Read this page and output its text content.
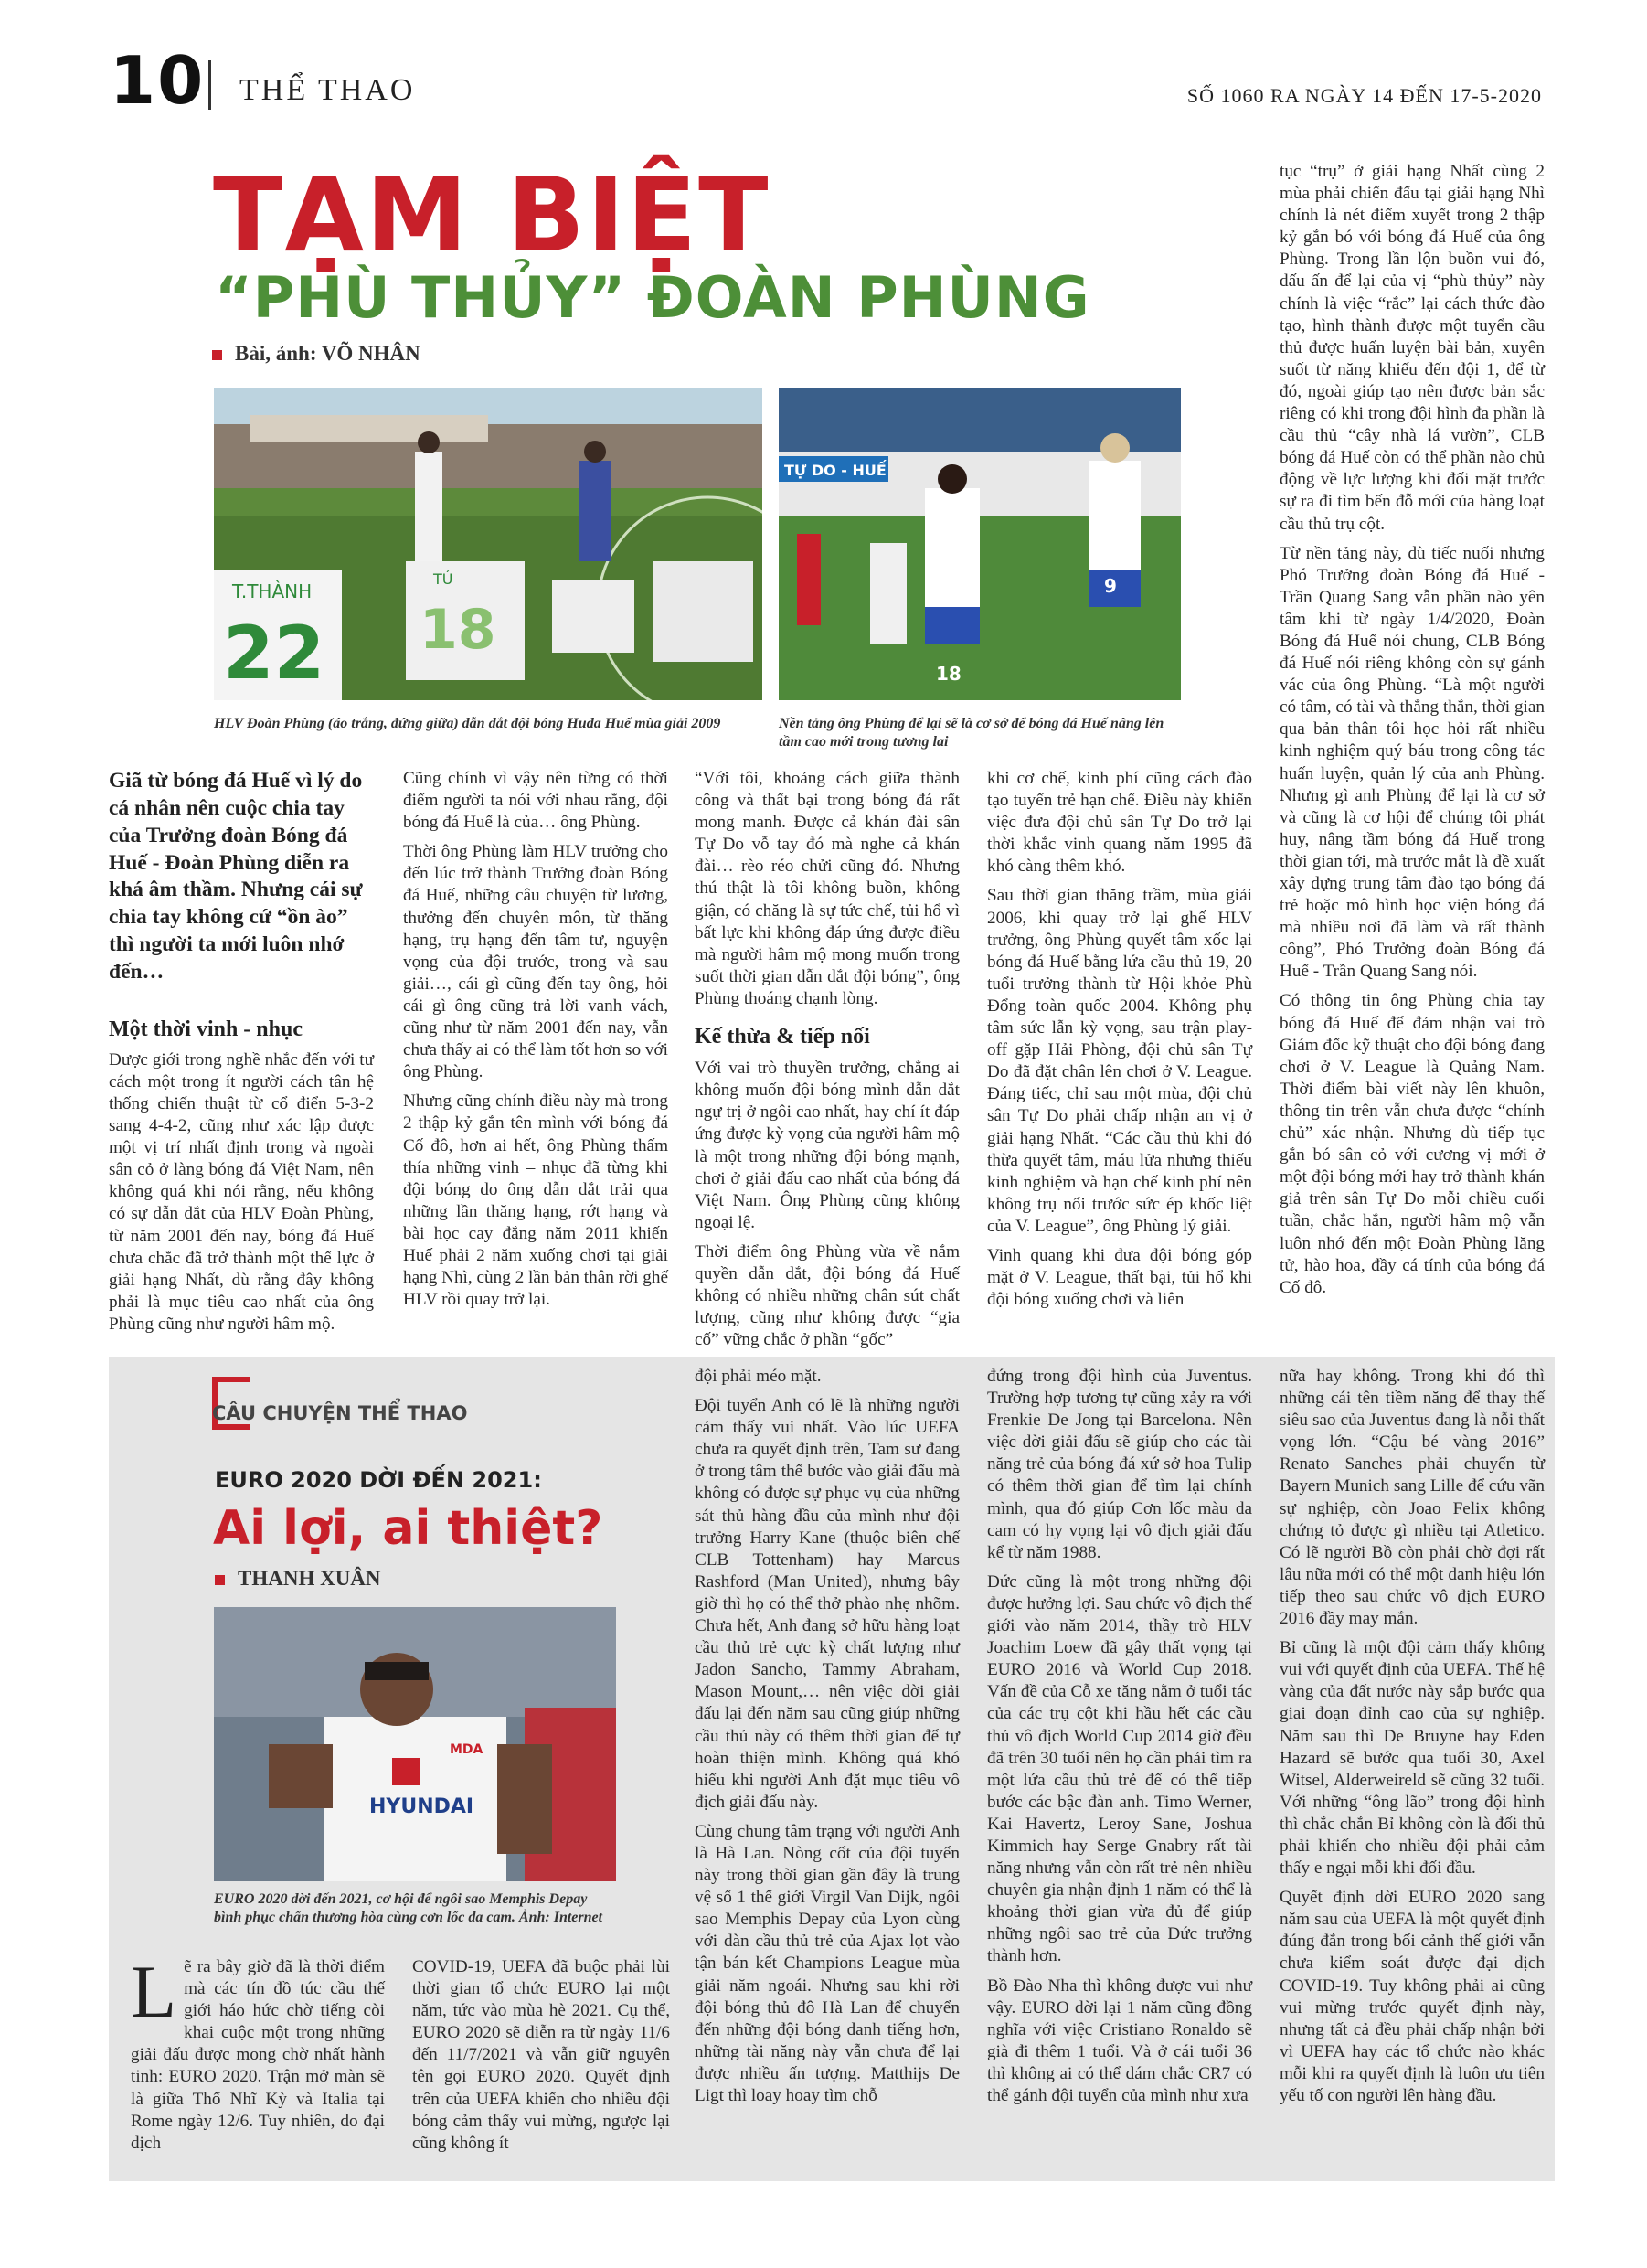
10 THỂ THAO	SỐ 1060 RA NGÀY 14 ĐẾN 17-5-2020
TẠM BIỆT
“PHÙ THỦY” ĐOÀN PHÙNG
Bài, ảnh: VÕ NHÂN
T.THÀNH
22
TÚ
18
HLV Đoàn Phùng (áo trắng, đứng giữa) dẫn dắt đội bóng Huda Huế mùa giải 2009
TỰ DO - HUẾ
18
9
Nền tảng ông Phùng để lại sẽ là cơ sở để bóng đá Huế nâng lên tầm cao mới trong tương lai
Giã từ bóng đá Huế vì lý do cá nhân nên cuộc chia tay của Trưởng đoàn Bóng đá Huế - Đoàn Phùng diễn ra khá âm thầm. Nhưng cái sự chia tay không cứ “ồn ào” thì người ta mới luôn nhớ đến…
Một thời vinh - nhục

Được giới trong nghề nhắc đến với tư cách một trong ít người cách tân hệ thống chiến thuật từ cổ điển 5-3-2 sang 4-4-2, cũng như xác lập được một vị trí nhất định trong và ngoài sân cỏ ở làng bóng đá Việt Nam, nên không quá khi nói rằng, nếu không có sự dẫn dắt của HLV Đoàn Phùng, từ năm 2001 đến nay, bóng đá Huế chưa chắc đã trở thành một thế lực ở giải hạng Nhất, dù rằng đây không phải là mục tiêu cao nhất của ông Phùng cũng như người hâm mộ.

Cũng chính vì vậy nên từng có thời điểm người ta nói với nhau rằng, đội bóng đá Huế là của… ông Phùng.

Thời ông Phùng làm HLV trưởng cho đến lúc trở thành Trưởng đoàn Bóng đá Huế, những câu chuyện từ lương, thưởng đến chuyên môn, từ thăng hạng, trụ hạng đến tâm tư, nguyện vọng của đội trước, trong và sau giải…, cái gì cũng đến tay ông, hỏi cái gì ông cũng trả lời vanh vách, cũng như từ năm 2001 đến nay, vẫn chưa thấy ai có thể làm tốt hơn so với ông Phùng.

Nhưng cũng chính điều này mà trong 2 thập kỷ gắn tên mình với bóng đá Cố đô, hơn ai hết, ông Phùng thấm thía những vinh – nhục đã từng khi đội bóng do ông dẫn dắt trải qua những lần thăng hạng, rớt hạng và bài học cay đắng năm 2011 khiến Huế phải 2 năm xuống chơi tại giải hạng Nhì, cùng 2 lần bản thân rời ghế HLV rồi quay trở lại.

“Với tôi, khoảng cách giữa thành công và thất bại trong bóng đá rất mong manh. Được cả khán đài sân Tự Do vỗ tay đó mà nghe cả khán đài… rèo réo chửi cũng đó. Nhưng thú thật là tôi không buồn, không giận, có chăng là sự tức chế, tủi hổ vì bất lực khi không đáp ứng được điều mà người hâm mộ mong muốn trong suốt thời gian dẫn dắt đội bóng”, ông Phùng thoáng chạnh lòng.

Kế thừa & tiếp nối

Với vai trò thuyền trưởng, chẳng ai không muốn đội bóng mình dẫn dắt ngự trị ở ngôi cao nhất, hay chí ít đáp ứng được kỳ vọng của người hâm mộ là một trong những đội bóng mạnh, chơi ở giải đấu cao nhất của bóng đá Việt Nam. Ông Phùng cũng không ngoại lệ.

Thời điểm ông Phùng vừa về nắm quyền dẫn dắt, đội bóng đá Huế không có nhiều những chân sút chất lượng, cũng như không được “gia cố” vững chắc ở phần “gốc”

khi cơ chế, kinh phí cũng cách đào tạo tuyển trẻ hạn chế. Điều này khiến việc đưa đội chủ sân Tự Do trở lại thời khắc vinh quang năm 1995 đã khó càng thêm khó.

Sau thời gian thăng trầm, mùa giải 2006, khi quay trở lại ghế HLV trưởng, ông Phùng quyết tâm xốc lại bóng đá Huế bằng lứa cầu thủ 19, 20 tuổi trưởng thành từ Hội khỏe Phù Đổng toàn quốc 2004. Không phụ tâm sức lẫn kỳ vọng, sau trận play-off gặp Hải Phòng, đội chủ sân Tự Do đã đặt chân lên chơi ở V. League. Đáng tiếc, chỉ sau một mùa, đội chủ sân Tự Do phải chấp nhận an vị ở giải hạng Nhất. “Các cầu thủ khi đó thừa quyết tâm, máu lửa nhưng thiếu kinh nghiệm và hạn chế kinh phí nên không trụ nổi trước sức ép khốc liệt của V. League”, ông Phùng lý giải.

Vinh quang khi đưa đội bóng góp mặt ở V. League, thất bại, tủi hổ khi đội bóng xuống chơi và liên

tục “trụ” ở giải hạng Nhất cùng 2 mùa phải chiến đấu tại giải hạng Nhì chính là nét điểm xuyết trong 2 thập kỷ gắn bó với bóng đá Huế của ông Phùng. Trong lần lộn buồn vui đó, dấu ấn để lại của vị “phù thủy” này chính là việc “rắc” lại cách thức đào tạo, hình thành được một tuyển cầu thủ được huấn luyện bài bản, xuyên suốt từ năng khiếu đến đội 1, để từ đó, ngoài giúp tạo nên được bản sắc riêng có khi trong đội hình đa phần là cầu thủ “cây nhà lá vườn”, CLB bóng đá Huế còn có thể phần nào chủ động về lực lượng khi đối mặt trước sự ra đi tìm bến đỗ mới của hàng loạt cầu thủ trụ cột.

Từ nền tảng này, dù tiếc nuối nhưng Phó Trưởng đoàn Bóng đá Huế - Trần Quang Sang vẫn phần nào yên tâm khi từ ngày 1/4/2020, Đoàn Bóng đá Huế nói chung, CLB Bóng đá Huế nói riêng không còn sự gánh vác của ông Phùng. “Là một người có tâm, có tài và thẳng thắn, thời gian qua bản thân tôi học hỏi rất nhiều kinh nghiệm quý báu trong công tác huấn luyện, quản lý của anh Phùng. Nhưng gì anh Phùng để lại là cơ sở và cũng là cơ hội để chúng tôi phát huy, nâng tầm bóng đá Huế trong thời gian tới, mà trước mắt là đề xuất xây dựng trung tâm đào tạo bóng đá trẻ hoặc mô hình học viện bóng đá mà nhiều nơi đã làm và rất thành công”, Phó Trưởng đoàn Bóng đá Huế - Trần Quang Sang nói.

Có thông tin ông Phùng chia tay bóng đá Huế để đảm nhận vai trò Giám đốc kỹ thuật cho đội bóng đang chơi ở V. League là Quảng Nam. Thời điểm bài viết này lên khuôn, thông tin trên vẫn chưa được “chính chủ” xác nhận. Nhưng dù tiếp tục gắn bó sân cỏ với cương vị mới ở một đội bóng mới hay trở thành khán giả trên sân Tự Do mỗi chiều cuối tuần, chắc hắn, người hâm mộ vẫn luôn nhớ đến một Đoàn Phùng lăng tử, hào hoa, đầy cá tính của bóng đá Cố đô.

CÂU CHUYỆN THỂ THAO
EURO 2020 DỜI ĐẾN 2021:
Ai lợi, ai thiệt?
THANH XUÂN
HYUNDAI
MDA
EURO 2020 dời đến 2021, cơ hội để ngôi sao Memphis Depay bình phục chấn thương hòa cùng cơn lốc da cam. Ảnh: Internet
Lẽ ra bây giờ đã là thời điểm mà các tín đồ túc cầu thế giới háo hức chờ tiếng còi khai cuộc một trong những giải đấu được mong chờ nhất hành tinh: EURO 2020. Trận mở màn sẽ là giữa Thổ Nhĩ Kỳ và Italia tại Rome ngày 12/6. Tuy nhiên, do đại dịch

COVID-19, UEFA đã buộc phải lùi thời gian tổ chức EURO lại một năm, tức vào mùa hè 2021. Cụ thể, EURO 2020 sẽ diễn ra từ ngày 11/6 đến 11/7/2021 và vẫn giữ nguyên tên gọi EURO 2020. Quyết định trên của UEFA khiến cho nhiều đội bóng cảm thấy vui mừng, ngược lại cũng không ít

đội phải méo mặt.

Đội tuyển Anh có lẽ là những người cảm thấy vui nhất. Vào lúc UEFA chưa ra quyết định trên, Tam sư đang ở trong tâm thế bước vào giải đấu mà không có được sự phục vụ của những sát thủ hàng đầu của mình như đội trưởng Harry Kane (thuộc biên chế CLB Tottenham) hay Marcus Rashford (Man United), nhưng bây giờ thì họ có thể thở phào nhẹ nhõm. Chưa hết, Anh đang sở hữu hàng loạt cầu thủ trẻ cực kỳ chất lượng như Jadon Sancho, Tammy Abraham, Mason Mount,… nên việc dời giải đấu lại đến năm sau cũng giúp những cầu thủ này có thêm thời gian để tự hoàn thiện mình. Không quá khó hiểu khi người Anh đặt mục tiêu vô địch giải đấu này.

Cùng chung tâm trạng với người Anh là Hà Lan. Nòng cốt của đội tuyển này trong thời gian gần đây là trung vệ số 1 thế giới Virgil Van Dijk, ngôi sao Memphis Depay của Lyon cùng với dàn cầu thủ trẻ của Ajax lọt vào tận bán kết Champions League mùa giải năm ngoái. Nhưng sau khi rời đội bóng thủ đô Hà Lan để chuyển đến những đội bóng danh tiếng hơn, những tài năng này vẫn chưa để lại được nhiều ấn tượng. Matthijs De Ligt thì loay hoay tìm chỗ

đứng trong đội hình của Juventus. Trường hợp tương tự cũng xảy ra với Frenkie De Jong tại Barcelona. Nên việc dời giải đấu sẽ giúp cho các tài năng trẻ của bóng đá xứ sở hoa Tulip có thêm thời gian để tìm lại chính mình, qua đó giúp Cơn lốc màu da cam có hy vọng lại vô địch giải đấu kể từ năm 1988.

Đức cũng là một trong những đội được hưởng lợi. Sau chức vô địch thế giới vào năm 2014, thầy trò HLV Joachim Loew đã gây thất vọng tại EURO 2016 và World Cup 2018. Vấn đề của Cỗ xe tăng nằm ở tuổi tác của các trụ cột khi hầu hết các cầu thủ vô địch World Cup 2014 giờ đều đã trên 30 tuổi nên họ cần phải tìm ra một lứa cầu thủ trẻ để có thể tiếp bước các bậc đàn anh. Timo Werner, Kai Havertz, Leroy Sane, Joshua Kimmich hay Serge Gnabry rất tài năng nhưng vẫn còn rất trẻ nên nhiều chuyên gia nhận định 1 năm có thể là khoảng thời gian vừa đủ để giúp những ngôi sao trẻ của Đức trưởng thành hơn.

Bồ Đào Nha thì không được vui như vậy. EURO dời lại 1 năm cũng đồng nghĩa với việc Cristiano Ronaldo sẽ già đi thêm 1 tuổi. Và ở cái tuổi 36 thì không ai có thể dám chắc CR7 có thể gánh đội tuyển của mình như xưa

nữa hay không. Trong khi đó thì những cái tên tiềm năng để thay thế siêu sao của Juventus đang là nỗi thất vọng lớn. “Cậu bé vàng 2016” Renato Sanches phải chuyển từ Bayern Munich sang Lille để cứu vãn sự nghiệp, còn Joao Felix không chứng tỏ được gì nhiều tại Atletico. Có lẽ người Bồ còn phải chờ đợi rất lâu nữa mới có thể một danh hiệu lớn tiếp theo sau chức vô địch EURO 2016 đầy may mắn.

Bỉ cũng là một đội cảm thấy không vui với quyết định của UEFA. Thế hệ vàng của đất nước này sắp bước qua giai đoạn đỉnh cao của sự nghiệp. Năm sau thì De Bruyne hay Eden Hazard sẽ bước qua tuổi 30, Axel Witsel, Alderweireld sẽ cũng 32 tuổi. Với những “ông lão” trong đội hình thì chắc chắn Bỉ không còn là đối thủ phải khiến cho nhiều đội phải cảm thấy e ngại mỗi khi đối đầu.

Quyết định dời EURO 2020 sang năm sau của UEFA là một quyết định đúng đắn trong bối cảnh thế giới vẫn chưa kiểm soát được đại dịch COVID-19. Tuy không phải ai cũng vui mừng trước quyết định này, nhưng tất cả đều phải chấp nhận bởi vì UEFA hay các tổ chức nào khác mỗi khi ra quyết định là luôn ưu tiên yếu tố con người lên hàng đầu.
